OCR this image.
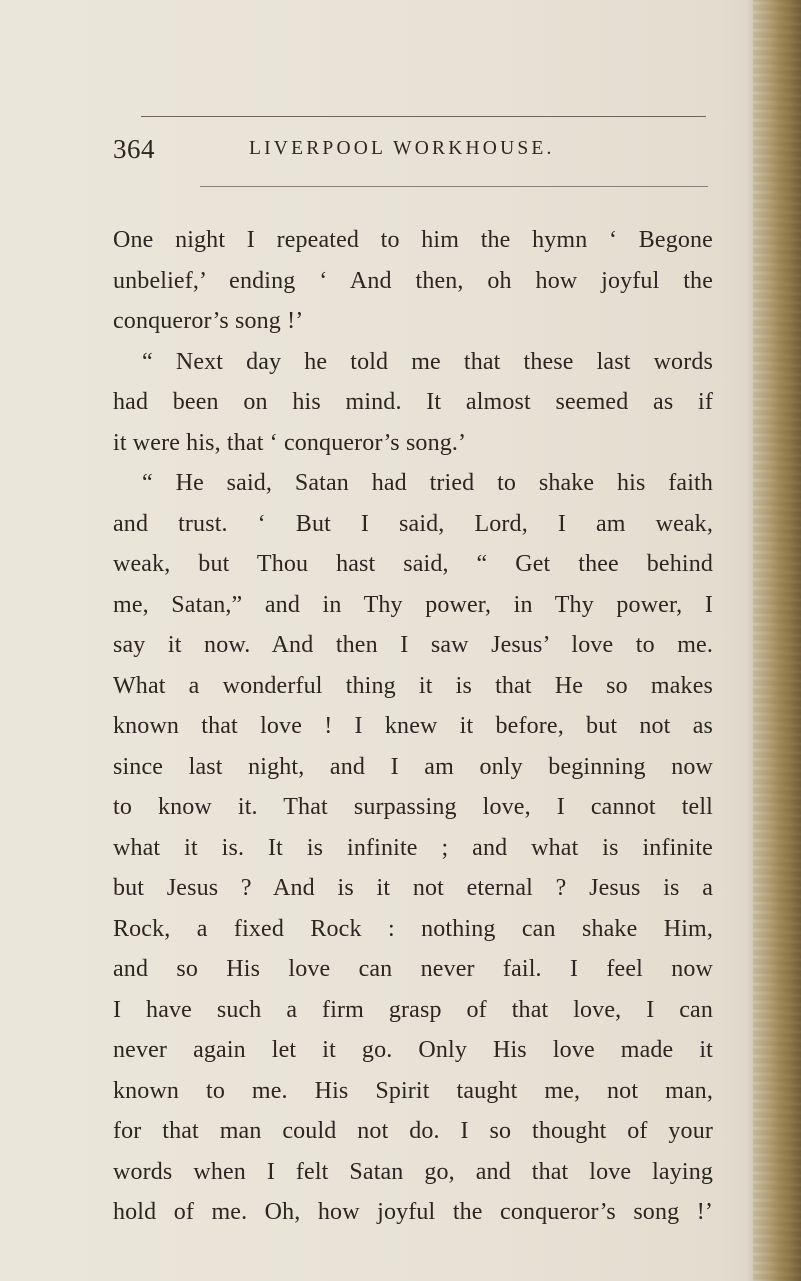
364	LIVERPOOL WORKHOUSE.
One night I repeated to him the hymn ‘ Begone
unbelief,’ ending ‘ And then, oh how joyful the
conqueror’s song !’
“ Next day he told me that these last words
had been on his mind. It almost seemed as if
it were his, that ‘ conqueror’s song.’
“ He said, Satan had tried to shake his faith
and trust. ‘ But I said, Lord, I am weak,
weak, but Thou hast said, “ Get thee behind
me, Satan,” and in Thy power, in Thy power, I
say it now. And then I saw Jesus’ love to me.
What a wonderful thing it is that He so makes
known that love ! I knew it before, but not as
since last night, and I am only beginning now
to know it. That surpassing love, I cannot tell
what it is. It is infinite ; and what is infinite
but Jesus ? And is it not eternal ? Jesus is a
Rock, a fixed Rock : nothing can shake Him,
and so His love can never fail. I feel now
I have such a firm grasp of that love, I can
never again let it go. Only His love made it
known to me. His Spirit taught me, not man,
for that man could not do. I so thought of your
words when I felt Satan go, and that love laying
hold of me. Oh, how joyful the conqueror’s song !’
